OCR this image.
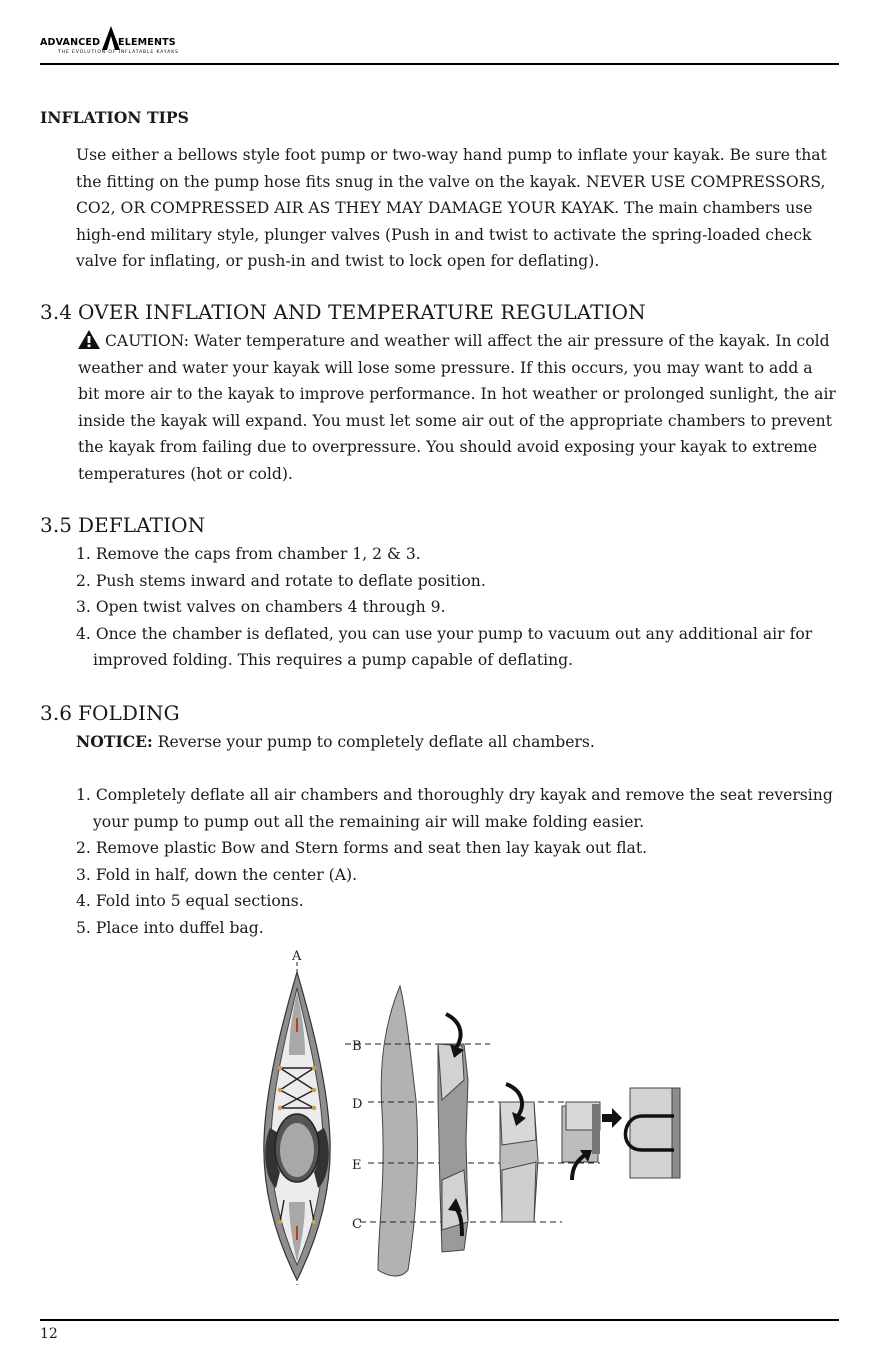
ADVANCED ELEMENTS
THE EVOLUTION OF INFLATABLE KAYAKS
INFLATION TIPS
Use either a bellows style foot pump or two-way hand pump to inflate your kayak. Be sure that
the fitting on the pump hose fits snug in the valve on the kayak. NEVER USE COMPRESSORS,
CO2, OR COMPRESSED AIR AS THEY MAY DAMAGE YOUR KAYAK. The main chambers use
high-end military style, plunger valves (Push in and twist to activate the spring-loaded check
valve for inflating, or push-in and twist to lock open for deflating).
3.4 OVER INFLATION AND TEMPERATURE REGULATION
CAUTION: Water temperature and weather will affect the air pressure of the kayak. In cold
weather and water your kayak will lose some pressure. If this occurs, you may want to add a
bit more air to the kayak to improve performance. In hot weather or prolonged sunlight, the air
inside the kayak will expand. You must let some air out of the appropriate chambers to prevent
the kayak from failing due to overpressure. You should avoid exposing your kayak to extreme
temperatures (hot or cold).
3.5 DEFLATION
1. Remove the caps from chamber 1, 2 & 3.
2. Push stems inward and rotate to deflate position.
3. Open twist valves on chambers 4 through 9.
4. Once the chamber is deflated, you can use your pump to vacuum out any additional air for
improved folding. This requires a pump capable of deflating.
3.6 FOLDING
NOTICE: Reverse your pump to completely deflate all chambers.
1. Completely deflate all air chambers and thoroughly dry kayak and remove the seat reversing
your pump to pump out all the remaining air will make folding easier.
2. Remove plastic Bow and Stern forms and seat then lay kayak out flat.
3. Fold in half, down the center (A).
4. Fold into 5 equal sections.
5. Place into duffel bag.
A
B
D
E
C
12
